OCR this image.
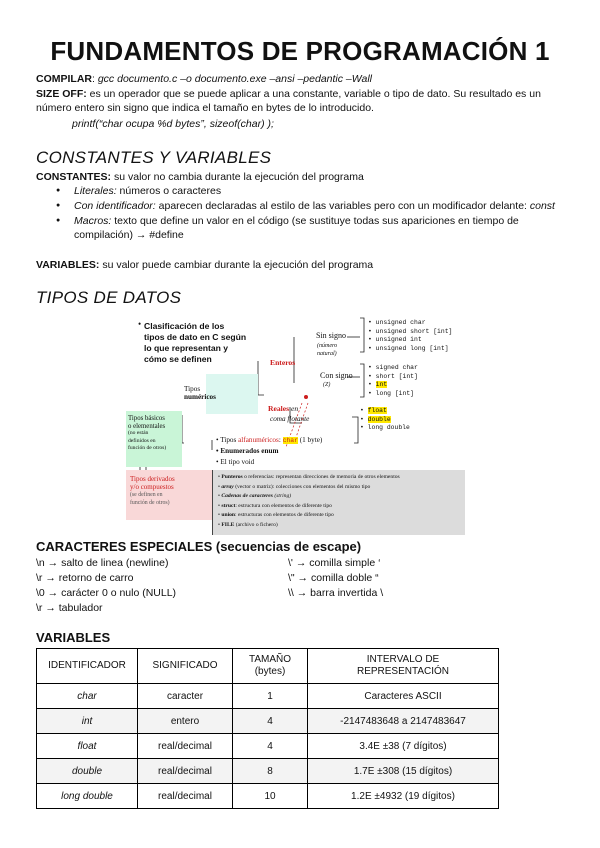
FUNDAMENTOS DE PROGRAMACIÓN 1
COMPILAR: gcc documento.c –o documento.exe –ansi –pedantic –Wall
SIZE OFF: es un operador que se puede aplicar a una constante, variable o tipo de dato. Su resultado es un número entero sin signo que indica el tamaño en bytes de lo introducido.
printf(“char ocupa %d bytes”, sizeof(char) );
CONSTANTES Y VARIABLES
CONSTANTES: su valor no cambia durante la ejecución del programa
● Literales: números o caracteres
● Con identificador: aparecen declaradas al estilo de las variables pero con un modificador delante: const
● Macros: texto que define un valor en el código (se sustituye todas sus apariciones en tiempo de compilación) → #define
VARIABLES: su valor puede cambiar durante la ejecución del programa
TIPOS DE DATOS
Clasificación de los
tipos de dato en C según
lo que representan y
cómo se definen
•
Enteros
Sin signo
(número
natural)
• unsigned char
• unsigned short [int]
• unsigned int
• unsigned long [int]
Con signo
(Z)
• signed char
• short [int]
• int
• long [int]
Tipos
numéricos
Reales en
coma flotante
• float
• double
• long double
Tipos básicos
o elementales
(no están
definidos en
función de otros)
• Tipos alfanuméricos: char (1 byte)
• Enumerados enum
• El tipo void
Tipos derivados
y/o compuestos
(se definen en
función de otros)
• Punteros o referencias: representan direcciones de memoria de otros elementos
• array (vector o matriz): colecciones con elementos del mismo tipo
• Cadenas de caracteres (string)
• struct: estructura con elementos de diferente tipo
• union: estructuras con elementos de diferente tipo
• FILE (archivo o fichero)
CARACTERES ESPECIALES (secuencias de escape)
\n → salto de linea (newline)
\r → retorno de carro
\0 → carácter 0 o nulo (NULL)
\r → tabulador
\' → comilla simple ‘
\" → comilla doble “
\\ → barra invertida \
VARIABLES
IDENTIFICADOR	SIGNIFICADO	TAMAÑO
(bytes)	INTERVALO DE
REPRESENTACIÓN
char	caracter	1	Caracteres ASCII
int	entero	4	-2147483648 a 2147483647
float	real/decimal	4	3.4E ±38 (7 dígitos)
double	real/decimal	8	1.7E ±308 (15 dígitos)
long double	real/decimal	10	1.2E ±4932 (19 dígitos)
